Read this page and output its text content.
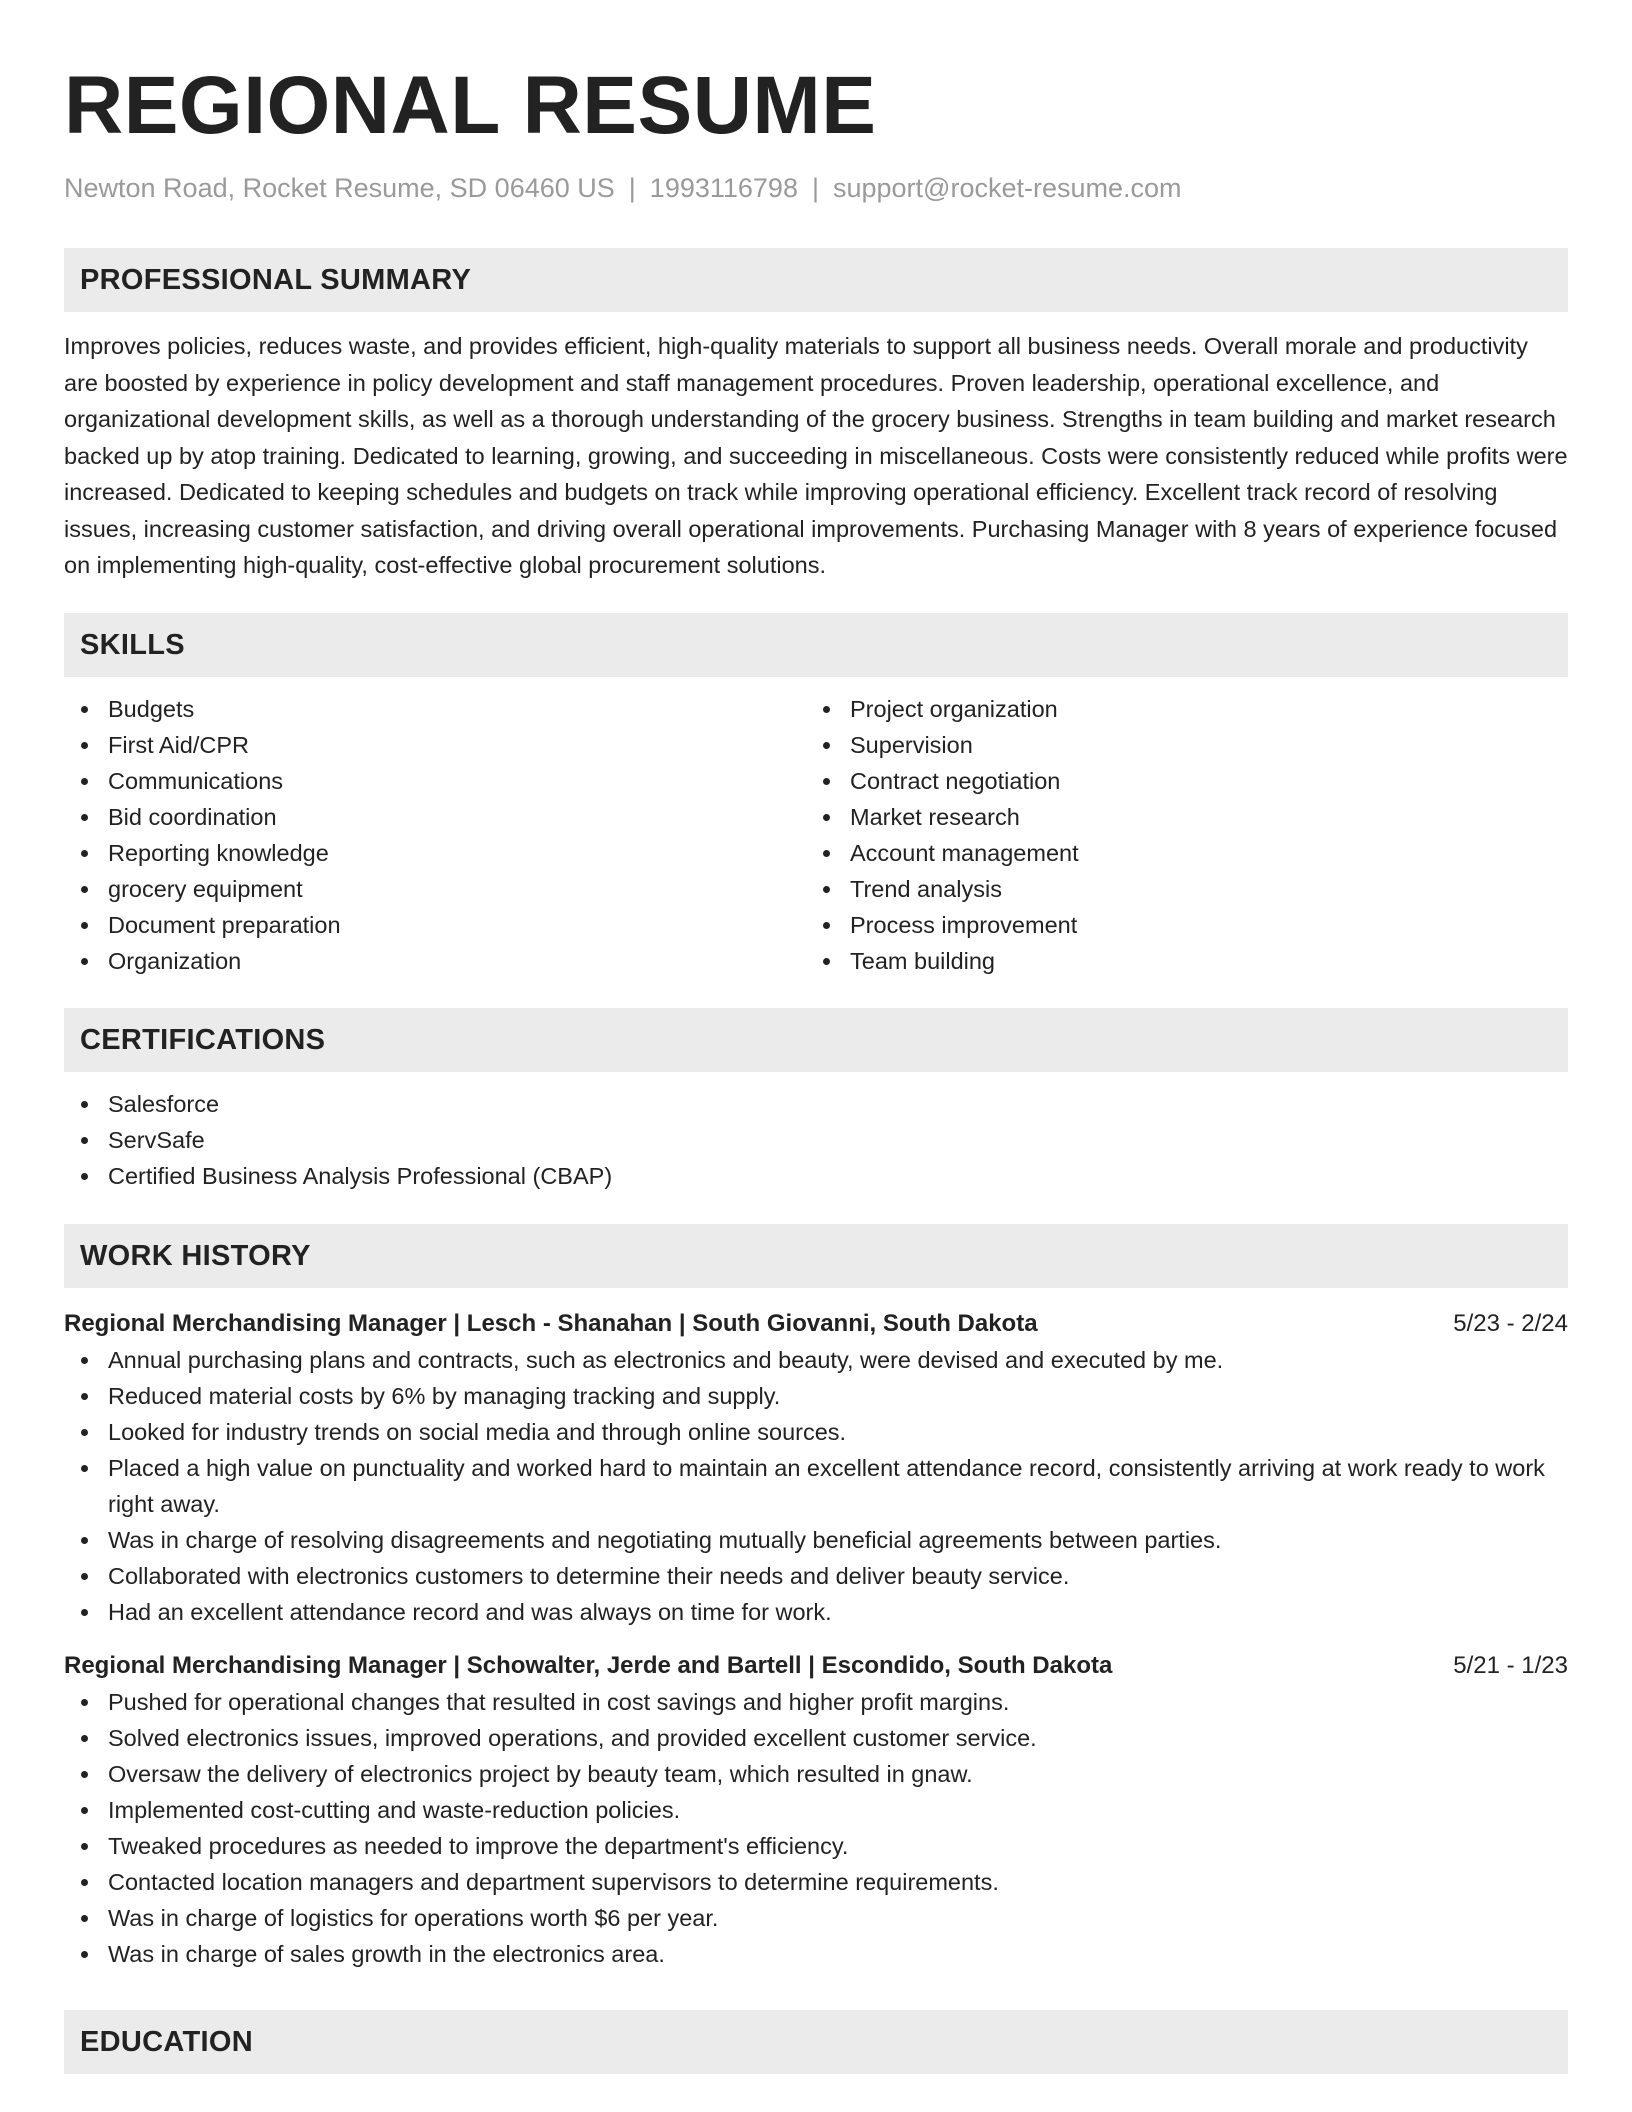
REGIONAL RESUME
Newton Road, Rocket Resume, SD 06460 US | 1993116798 | support@rocket-resume.com
PROFESSIONAL SUMMARY

Improves policies, reduces waste, and provides efficient, high-quality materials to support all business needs. Overall morale and productivity are boosted by experience in policy development and staff management procedures. Proven leadership, operational excellence, and organizational development skills, as well as a thorough understanding of the grocery business. Strengths in team building and market research backed up by atop training. Dedicated to learning, growing, and succeeding in miscellaneous. Costs were consistently reduced while profits were increased. Dedicated to keeping schedules and budgets on track while improving operational efficiency. Excellent track record of resolving issues, increasing customer satisfaction, and driving overall operational improvements. Purchasing Manager with 8 years of experience focused on implementing high-quality, cost-effective global procurement solutions.

SKILLS
Budgets
First Aid/CPR
Communications
Bid coordination
Reporting knowledge
grocery equipment
Document preparation
Organization
Project organization
Supervision
Contract negotiation
Market research
Account management
Trend analysis
Process improvement
Team building
CERTIFICATIONS
Salesforce
ServSafe
Certified Business Analysis Professional (CBAP)
WORK HISTORY
Regional Merchandising Manager | Lesch - Shanahan | South Giovanni, South Dakota	5/23 - 2/24
Annual purchasing plans and contracts, such as electronics and beauty, were devised and executed by me.
Reduced material costs by 6% by managing tracking and supply.
Looked for industry trends on social media and through online sources.
Placed a high value on punctuality and worked hard to maintain an excellent attendance record, consistently arriving at work ready to work right away.
Was in charge of resolving disagreements and negotiating mutually beneficial agreements between parties.
Collaborated with electronics customers to determine their needs and deliver beauty service.
Had an excellent attendance record and was always on time for work.
Regional Merchandising Manager | Schowalter, Jerde and Bartell | Escondido, South Dakota	5/21 - 1/23
Pushed for operational changes that resulted in cost savings and higher profit margins.
Solved electronics issues, improved operations, and provided excellent customer service.
Oversaw the delivery of electronics project by beauty team, which resulted in gnaw.
Implemented cost-cutting and waste-reduction policies.
Tweaked procedures as needed to improve the department's efficiency.
Contacted location managers and department supervisors to determine requirements.
Was in charge of logistics for operations worth $6 per year.
Was in charge of sales growth in the electronics area.
EDUCATION
